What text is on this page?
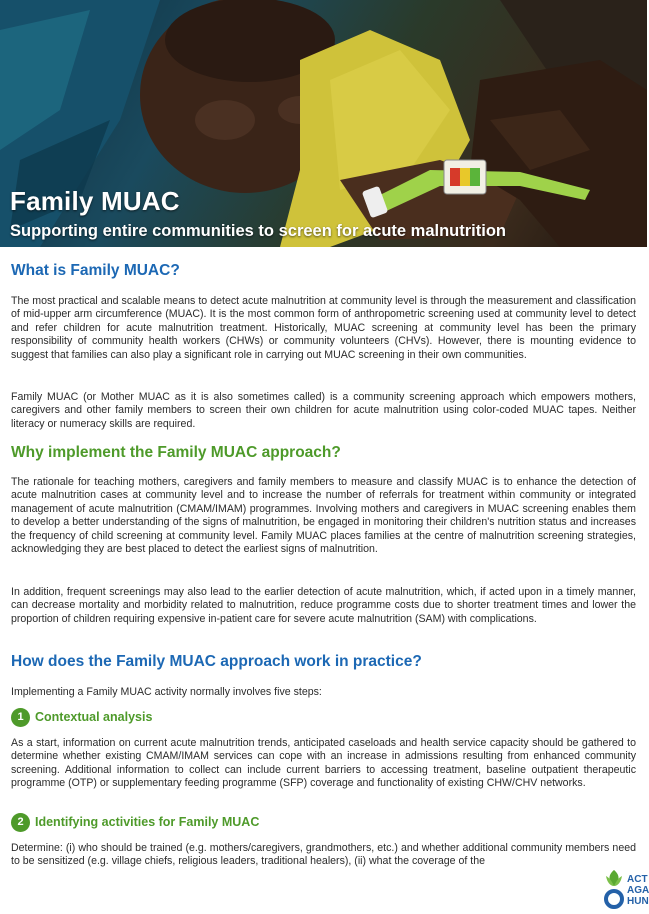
Family MUAC
Supporting entire communities to screen for acute malnutrition
What is Family MUAC?
The most practical and scalable means to detect acute malnutrition at community level is through the measurement and classification of mid-upper arm circumference (MUAC). It is the most common form of anthropometric screening used at community level to detect and refer children for acute malnutrition treatment. Historically, MUAC screening at community level has been the primary responsibility of community health workers (CHWs) or community volunteers (CHVs). However, there is mounting evidence to suggest that families can also play a significant role in carrying out MUAC screening in their own communities.
Family MUAC (or Mother MUAC as it is also sometimes called) is a community screening approach which empowers mothers, caregivers and other family members to screen their own children for acute malnutrition using color-coded MUAC tapes. Neither literacy or numeracy skills are required.
Why implement the Family MUAC approach?
The rationale for teaching mothers, caregivers and family members to measure and classify MUAC is to enhance the detection of acute malnutrition cases at community level and to increase the number of referrals for treatment within community or integrated management of acute malnutrition (CMAM/IMAM) programmes. Involving mothers and caregivers in MUAC screening enables them to develop a better understanding of the signs of malnutrition, be engaged in monitoring their children's nutrition status and increases the frequency of child screening at community level. Family MUAC places families at the centre of malnutrition screening strategies, acknowledging they are best placed to detect the earliest signs of malnutrition.
In addition, frequent screenings may also lead to the earlier detection of acute malnutrition, which, if acted upon in a timely manner, can decrease mortality and morbidity related to malnutrition, reduce programme costs due to shorter treatment times and lower the proportion of children requiring expensive in-patient care for severe acute malnutrition (SAM) with complications.
How does the Family MUAC approach work in practice?
Implementing a Family MUAC activity normally involves five steps:
1 Contextual analysis
As a start, information on current acute malnutrition trends, anticipated caseloads and health service capacity should be gathered to determine whether existing CMAM/IMAM services can cope with an increase in admissions resulting from enhanced community screening. Additional information to collect can include current barriers to accessing treatment, baseline outpatient therapeutic programme (OTP) or supplementary feeding programme (SFP) coverage and functionality of existing CHW/CHV networks.
2 Identifying activities for Family MUAC
Determine: (i) who should be trained (e.g. mothers/caregivers, grandmothers, etc.) and whether additional community members need to be sensitized (e.g. village chiefs, religious leaders, traditional healers), (ii) what the coverage of the
ACT
AGA
HUN
